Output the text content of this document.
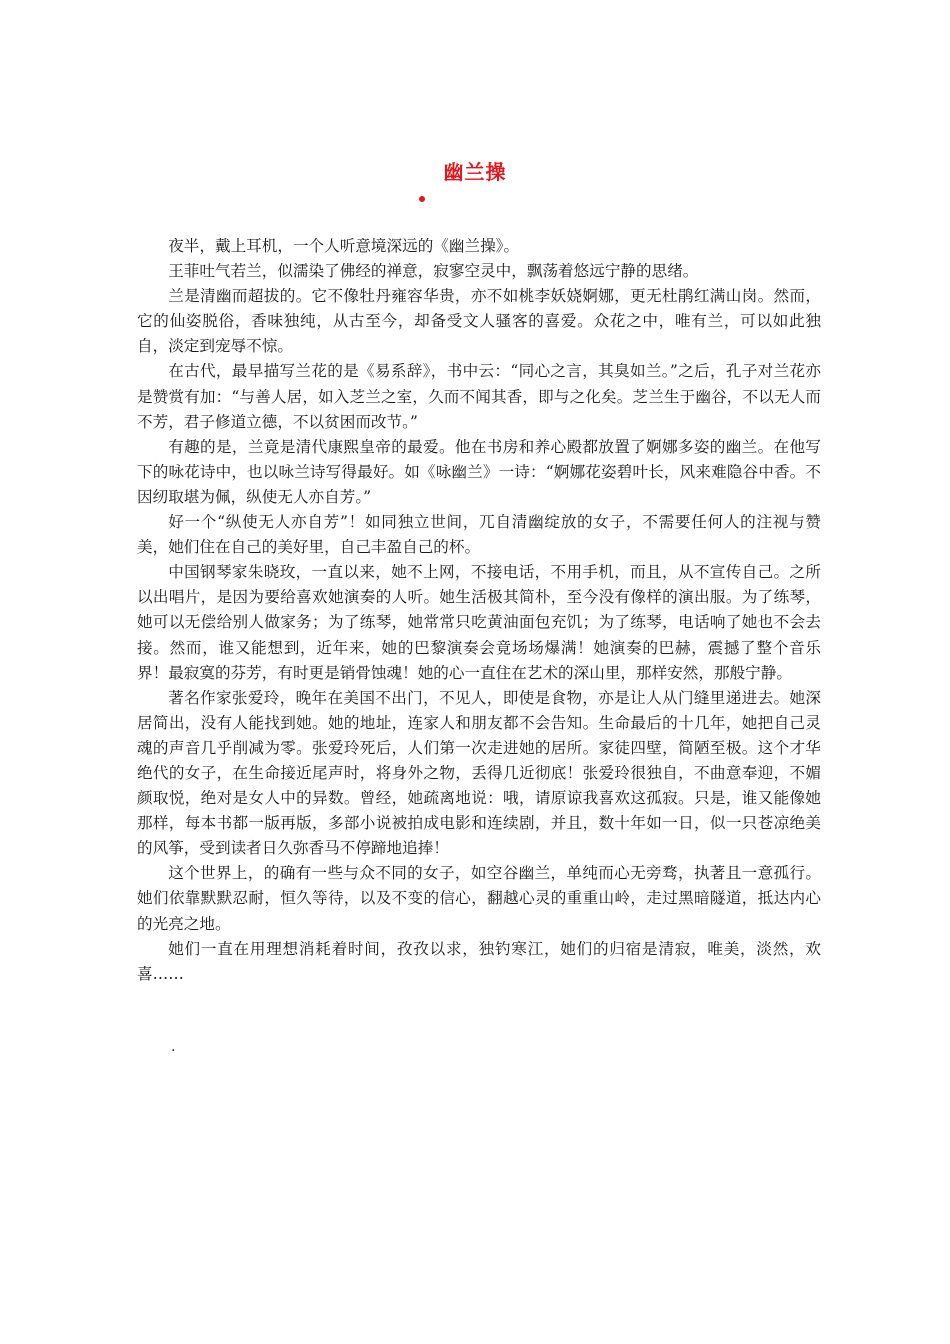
幽兰操

夜半，戴上耳机，一个人听意境深远的《幽兰操》。

王菲吐气若兰，似濡染了佛经的禅意，寂寥空灵中，飘荡着悠远宁静的思绪。

兰是清幽而超拔的。它不像牡丹雍容华贵，亦不如桃李妖娆婀娜，更无杜鹃红满山岗。然而，它的仙姿脱俗，香味独纯，从古至今，却备受文人骚客的喜爱。众花之中，唯有兰，可以如此独自，淡定到宠辱不惊。

在古代，最早描写兰花的是《易系辞》，书中云：“同心之言，其臭如兰。”之后，孔子对兰花亦是赞赏有加：“与善人居，如入芝兰之室，久而不闻其香，即与之化矣。芝兰生于幽谷，不以无人而不芳，君子修道立德，不以贫困而改节。”

有趣的是，兰竟是清代康熙皇帝的最爱。他在书房和养心殿都放置了婀娜多姿的幽兰。在他写下的咏花诗中，也以咏兰诗写得最好。如《咏幽兰》一诗：“婀娜花姿碧叶长，风来难隐谷中香。不因纫取堪为佩，纵使无人亦自芳。”

好一个“纵使无人亦自芳”！如同独立世间，兀自清幽绽放的女子，不需要任何人的注视与赞美，她们住在自己的美好里，自己丰盈自己的杯。

中国钢琴家朱晓玫，一直以来，她不上网，不接电话，不用手机，而且，从不宣传自己。之所以出唱片，是因为要给喜欢她演奏的人听。她生活极其简朴，至今没有像样的演出服。为了练琴，她可以无偿给别人做家务；为了练琴，她常常只吃黄油面包充饥；为了练琴，电话响了她也不会去接。然而，谁又能想到，近年来，她的巴黎演奏会竟场场爆满！她演奏的巴赫，震撼了整个音乐界！最寂寞的芬芳，有时更是销骨蚀魂！她的心一直住在艺术的深山里，那样安然，那般宁静。

著名作家张爱玲，晚年在美国不出门，不见人，即使是食物，亦是让人从门缝里递进去。她深居简出，没有人能找到她。她的地址，连家人和朋友都不会告知。生命最后的十几年，她把自己灵魂的声音几乎削减为零。张爱玲死后，人们第一次走进她的居所。家徒四壁，简陋至极。这个才华绝代的女子，在生命接近尾声时，将身外之物，丢得几近彻底！张爱玲很独自，不曲意奉迎，不媚颜取悦，绝对是女人中的异数。曾经，她疏离地说：哦，请原谅我喜欢这孤寂。只是，谁又能像她那样，每本书都一版再版，多部小说被拍成电影和连续剧，并且，数十年如一日，似一只苍凉绝美的风筝，受到读者日久弥香马不停蹄地追捧！

这个世界上，的确有一些与众不同的女子，如空谷幽兰，单纯而心无旁骛，执著且一意孤行。她们依靠默默忍耐，恒久等待，以及不变的信心，翻越心灵的重重山岭，走过黑暗隧道，抵达内心的光亮之地。

她们一直在用理想消耗着时间，孜孜以求，独钓寒江，她们的归宿是清寂，唯美，淡然，欢喜……

.
